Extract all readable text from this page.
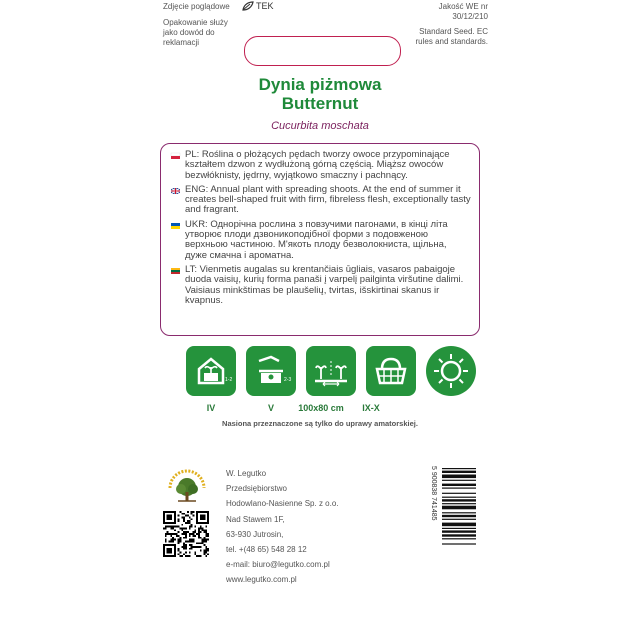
Zdjęcie poglądowe	TEK
Opakowanie służy jako dowód do reklamacji
Jakość WE nr 30/12/210
Standard Seed. EC rules and standards.
Dynia piżmowa
Butternut
Cucurbita moschata
PL: Roślina o płożących pędach tworzy owoce przypominające kształtem dzwon z wydłużoną górną częścią. Miąższ owoców bezwłóknisty, jędrny, wyjątkowo smaczny i pachnący.
ENG: Annual plant with spreading shoots. At the end of summer it creates bell-shaped fruit with firm, fibreless flesh, exceptionally tasty and fragrant.
UKR: Однорічна рослина з повзучими пагонами, в кінці літа утворює плоди дзвоникоподібної форми з подовженою верхньою частиною. М'якоть плоду безволокниста, щільна, дуже смачна і ароматна.
LT: Vienmetis augalas su krentančiais ūgliais, vasaros pabaigoje duoda vaisių, kurių forma panaši į varpelį pailginta viršutine dalimi. Vaisiaus minkštimas be plaušelių, tvirtas, išskirtinai skanus ir kvapnus.
1-2	2-3
IV	V	100x80 cm	IX-X
Nasiona przeznaczone są tylko do uprawy amatorskiej.
W. Legutko
Przedsiębiorstwo
Hodowlano-Nasienne Sp. z o.o.
Nad Stawem 1F,
63-930 Jutrosin,
tel. +(48 65) 548 28 12
e-mail: biuro@legutko.com.pl
www.legutko.com.pl
5 900838 741485
